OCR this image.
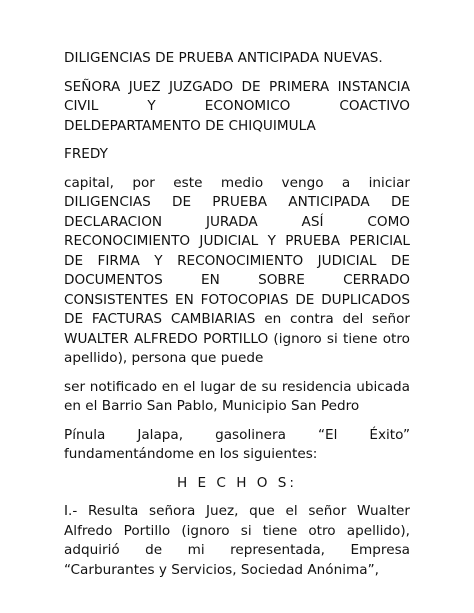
DILIGENCIAS DE PRUEBA ANTICIPADA NUEVAS.

SEÑORA JUEZ JUZGADO DE PRIMERA INSTANCIA CIVIL Y ECONOMICO COACTIVO DELDEPARTAMENTO DE CHIQUIMULA

FREDY

capital, por este medio vengo a iniciar DILIGENCIAS DE PRUEBA ANTICIPADA DE DECLARACION JURADA ASÍ COMO RECONOCIMIENTO JUDICIAL Y PRUEBA PERICIAL DE FIRMA Y RECONOCIMIENTO JUDICIAL DE DOCUMENTOS EN SOBRE CERRADO CONSISTENTES EN FOTOCOPIAS DE DUPLICADOS DE FACTURAS CAMBIARIAS en contra del señor WUALTER ALFREDO PORTILLO (ignoro si tiene otro apellido), persona que puede

ser notificado en el lugar de su residencia ubicada en el Barrio San Pablo, Municipio San Pedro

Pínula Jalapa, gasolinera “El Éxito” fundamentándome en los siguientes:

H E C H O S:

I.- Resulta señora Juez, que el señor Wualter Alfredo Portillo (ignoro si tiene otro apellido), adquirió de mi representada, Empresa “Carburantes y Servicios, Sociedad Anónima”,
